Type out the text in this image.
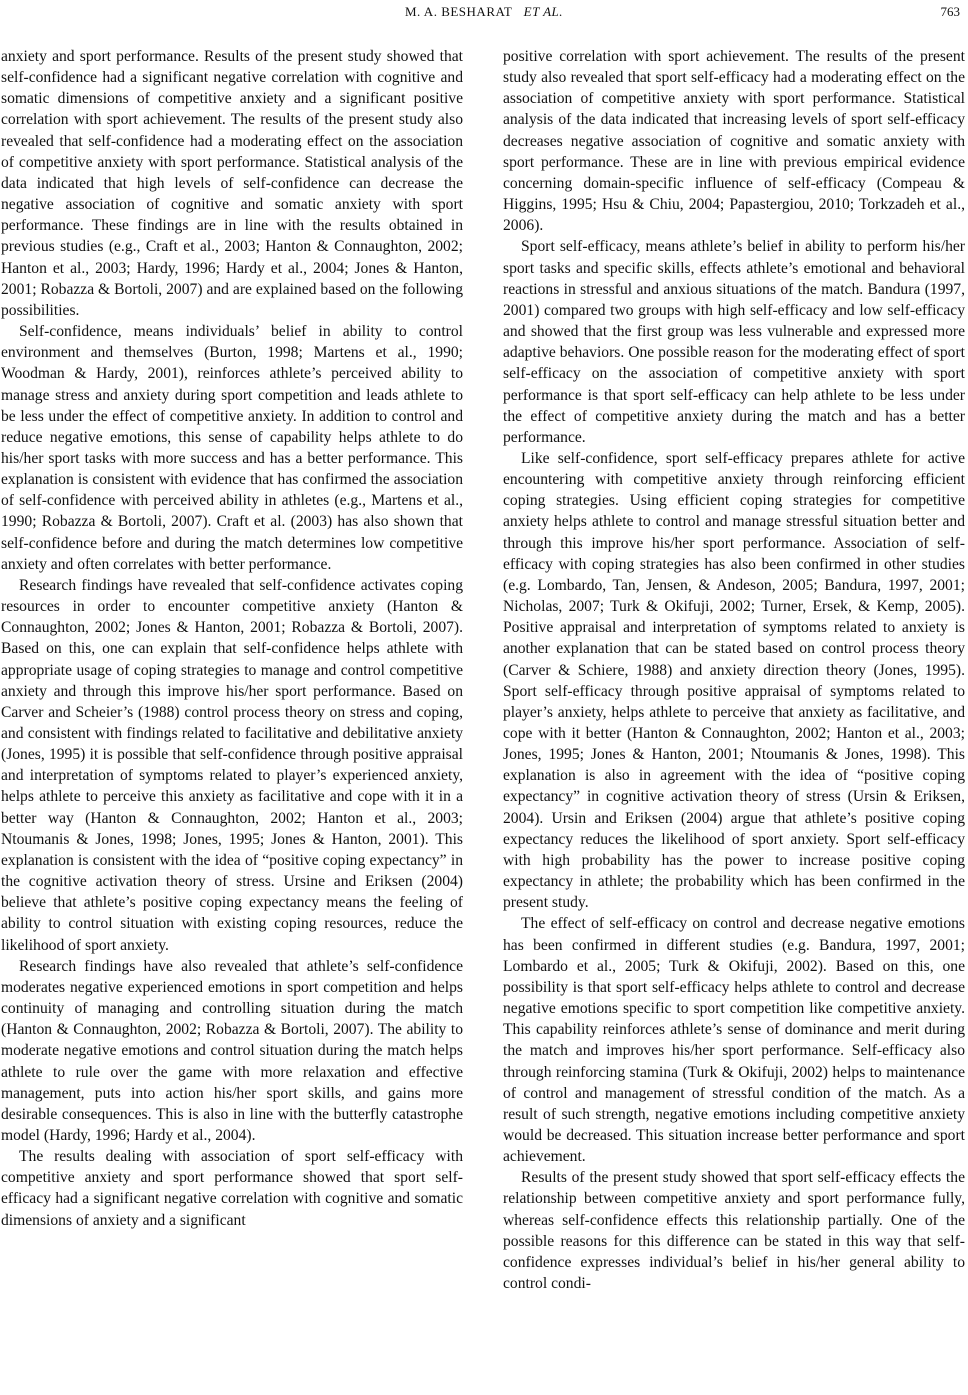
M. A. BESHARAT ET AL.	763

anxiety and sport performance. Results of the present study showed that self-confidence had a significant negative correlation with cognitive and somatic dimensions of competitive anxiety and a significant positive correlation with sport achievement. The results of the present study also revealed that self-confidence had a moderating effect on the association of competitive anxiety with sport performance. Statistical analysis of the data indicated that high levels of self-confidence can decrease the negative association of cognitive and somatic anxiety with sport performance. These findings are in line with the results obtained in previous studies (e.g., Craft et al., 2003; Hanton & Connaughton, 2002; Hanton et al., 2003; Hardy, 1996; Hardy et al., 2004; Jones & Hanton, 2001; Robazza & Bortoli, 2007) and are explained based on the following possibilities.

Self-confidence, means individuals’ belief in ability to control environment and themselves (Burton, 1998; Martens et al., 1990; Woodman & Hardy, 2001), reinforces athlete’s perceived ability to manage stress and anxiety during sport competition and leads athlete to be less under the effect of competitive anxiety. In addition to control and reduce negative emotions, this sense of capability helps athlete to do his/her sport tasks with more success and has a better performance. This explanation is consistent with evidence that has confirmed the association of self-confidence with perceived ability in athletes (e.g., Martens et al., 1990; Robazza & Bortoli, 2007). Craft et al. (2003) has also shown that self-confidence before and during the match determines low competitive anxiety and often correlates with better performance.

Research findings have revealed that self-confidence activates coping resources in order to encounter competitive anxiety (Hanton & Connaughton, 2002; Jones & Hanton, 2001; Robazza & Bortoli, 2007). Based on this, one can explain that self-confidence helps athlete with appropriate usage of coping strategies to manage and control competitive anxiety and through this improve his/her sport performance. Based on Carver and Scheier’s (1988) control process theory on stress and coping, and consistent with findings related to facilitative and debilitative anxiety (Jones, 1995) it is possible that self-confidence through positive appraisal and interpretation of symptoms related to player’s experienced anxiety, helps athlete to perceive this anxiety as facilitative and cope with it in a better way (Hanton & Connaughton, 2002; Hanton et al., 2003; Ntoumanis & Jones, 1998; Jones, 1995; Jones & Hanton, 2001). This explanation is consistent with the idea of “positive coping expectancy” in the cognitive activation theory of stress. Ursine and Eriksen (2004) believe that athlete’s positive coping expectancy means the feeling of ability to control situation with existing coping resources, reduce the likelihood of sport anxiety.

Research findings have also revealed that athlete’s self-confidence moderates negative experienced emotions in sport competition and helps continuity of managing and controlling situation during the match (Hanton & Connaughton, 2002; Robazza & Bortoli, 2007). The ability to moderate negative emotions and control situation during the match helps athlete to rule over the game with more relaxation and effective management, puts into action his/her sport skills, and gains more desirable consequences. This is also in line with the butterfly catastrophe model (Hardy, 1996; Hardy et al., 2004).

The results dealing with association of sport self-efficacy with competitive anxiety and sport performance showed that sport self-efficacy had a significant negative correlation with cognitive and somatic dimensions of anxiety and a significant

positive correlation with sport achievement. The results of the present study also revealed that sport self-efficacy had a moderating effect on the association of competitive anxiety with sport performance. Statistical analysis of the data indicated that increasing levels of sport self-efficacy decreases negative association of cognitive and somatic anxiety with sport performance. These are in line with previous empirical evidence concerning domain-specific influence of self-efficacy (Compeau & Higgins, 1995; Hsu & Chiu, 2004; Papastergiou, 2010; Torkzadeh et al., 2006).

Sport self-efficacy, means athlete’s belief in ability to perform his/her sport tasks and specific skills, effects athlete’s emotional and behavioral reactions in stressful and anxious situations of the match. Bandura (1997, 2001) compared two groups with high self-efficacy and low self-efficacy and showed that the first group was less vulnerable and expressed more adaptive behaviors. One possible reason for the moderating effect of sport self-efficacy on the association of competitive anxiety with sport performance is that sport self-efficacy can help athlete to be less under the effect of competitive anxiety during the match and has a better performance.

Like self-confidence, sport self-efficacy prepares athlete for active encountering with competitive anxiety through reinforcing efficient coping strategies. Using efficient coping strategies for competitive anxiety helps athlete to control and manage stressful situation better and through this improve his/her sport performance. Association of self-efficacy with coping strategies has also been confirmed in other studies (e.g. Lombardo, Tan, Jensen, & Andeson, 2005; Bandura, 1997, 2001; Nicholas, 2007; Turk & Okifuji, 2002; Turner, Ersek, & Kemp, 2005). Positive appraisal and interpretation of symptoms related to anxiety is another explanation that can be stated based on control process theory (Carver & Schiere, 1988) and anxiety direction theory (Jones, 1995). Sport self-efficacy through positive appraisal of symptoms related to player’s anxiety, helps athlete to perceive that anxiety as facilitative, and cope with it better (Hanton & Connaughton, 2002; Hanton et al., 2003; Jones, 1995; Jones & Hanton, 2001; Ntoumanis & Jones, 1998). This explanation is also in agreement with the idea of “positive coping expectancy” in cognitive activation theory of stress (Ursin & Eriksen, 2004). Ursin and Eriksen (2004) argue that athlete’s positive coping expectancy reduces the likelihood of sport anxiety. Sport self-efficacy with high probability has the power to increase positive coping expectancy in athlete; the probability which has been confirmed in the present study.

The effect of self-efficacy on control and decrease negative emotions has been confirmed in different studies (e.g. Bandura, 1997, 2001; Lombardo et al., 2005; Turk & Okifuji, 2002). Based on this, one possibility is that sport self-efficacy helps athlete to control and decrease negative emotions specific to sport competition like competitive anxiety. This capability reinforces athlete’s sense of dominance and merit during the match and improves his/her sport performance. Self-efficacy also through reinforcing stamina (Turk & Okifuji, 2002) helps to maintenance of control and management of stressful condition of the match. As a result of such strength, negative emotions including competitive anxiety would be decreased. This situation increase better performance and sport achievement.

Results of the present study showed that sport self-efficacy effects the relationship between competitive anxiety and sport performance fully, whereas self-confidence effects this relationship partially. One of the possible reasons for this difference can be stated in this way that self-confidence expresses individual’s belief in his/her general ability to control condi-
